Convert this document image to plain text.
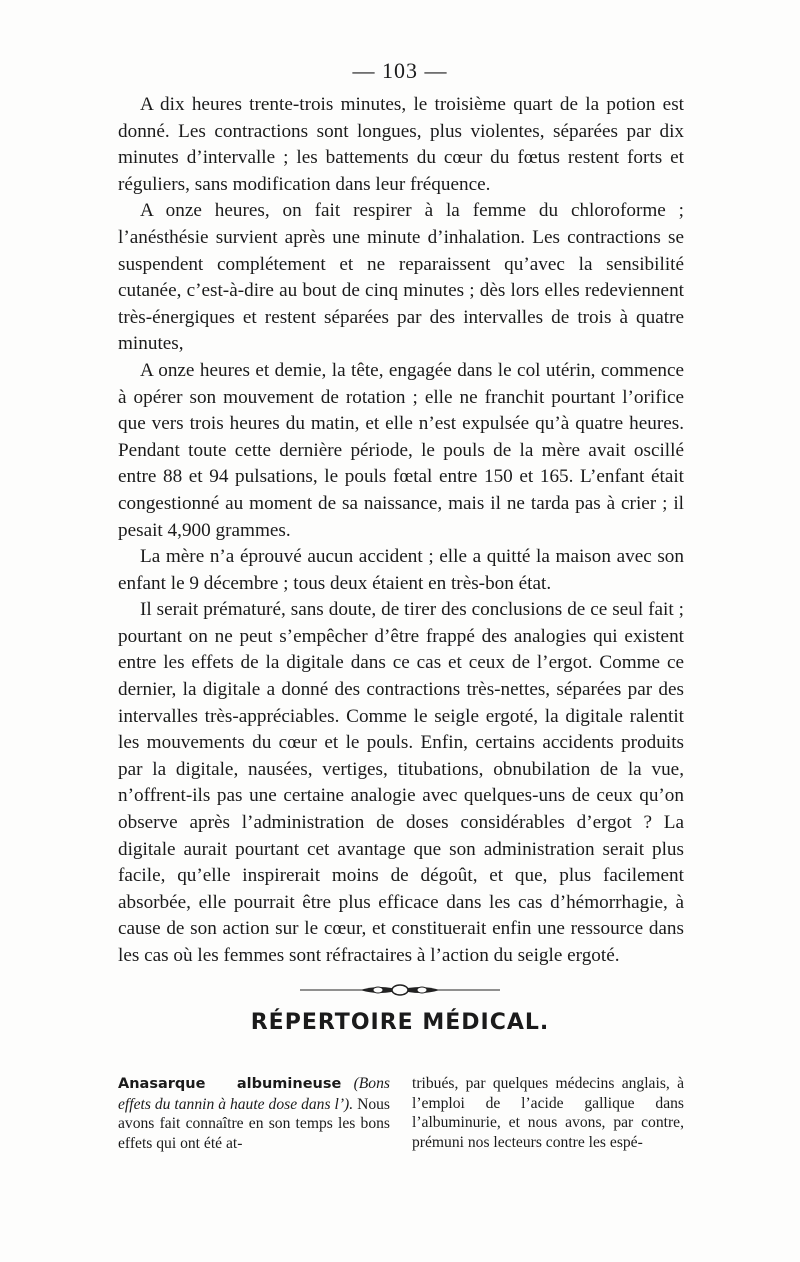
— 103 —

A dix heures trente-trois minutes, le troisième quart de la potion est donné. Les contractions sont longues, plus violentes, séparées par dix minutes d’intervalle ; les battements du cœur du fœtus restent forts et réguliers, sans modification dans leur fréquence.

A onze heures, on fait respirer à la femme du chloroforme ; l’anésthésie survient après une minute d’inhalation. Les contractions se suspendent complétement et ne reparaissent qu’avec la sensibilité cutanée, c’est-à-dire au bout de cinq minutes ; dès lors elles redeviennent très-énergiques et restent séparées par des intervalles de trois à quatre minutes,

A onze heures et demie, la tête, engagée dans le col utérin, commence à opérer son mouvement de rotation ; elle ne franchit pourtant l’orifice que vers trois heures du matin, et elle n’est expulsée qu’à quatre heures. Pendant toute cette dernière période, le pouls de la mère avait oscillé entre 88 et 94 pulsations, le pouls fœtal entre 150 et 165. L’enfant était congestionné au moment de sa naissance, mais il ne tarda pas à crier ; il pesait 4,900 grammes.

La mère n’a éprouvé aucun accident ; elle a quitté la maison avec son enfant le 9 décembre ; tous deux étaient en très-bon état.

Il serait prématuré, sans doute, de tirer des conclusions de ce seul fait ; pourtant on ne peut s’empêcher d’être frappé des analogies qui existent entre les effets de la digitale dans ce cas et ceux de l’ergot. Comme ce dernier, la digitale a donné des contractions très-nettes, séparées par des intervalles très-appréciables. Comme le seigle ergoté, la digitale ralentit les mouvements du cœur et le pouls. Enfin, certains accidents produits par la digitale, nausées, vertiges, titubations, obnubilation de la vue, n’offrent-ils pas une certaine analogie avec quelques-uns de ceux qu’on observe après l’administration de doses considérables d’ergot ? La digitale aurait pourtant cet avantage que son administration serait plus facile, qu’elle inspirerait moins de dégoût, et que, plus facilement absorbée, elle pourrait être plus efficace dans les cas d’hémorrhagie, à cause de son action sur le cœur, et constituerait enfin une ressource dans les cas où les femmes sont réfractaires à l’action du seigle ergoté.

RÉPERTOIRE MÉDICAL.

Anasarque albumineuse (Bons effets du tannin à haute dose dans l’). Nous avons fait connaître en son temps les bons effets qui ont été at-

tribués, par quelques médecins anglais, à l’emploi de l’acide gallique dans l’albuminurie, et nous avons, par contre, prémuni nos lecteurs contre les espé-
